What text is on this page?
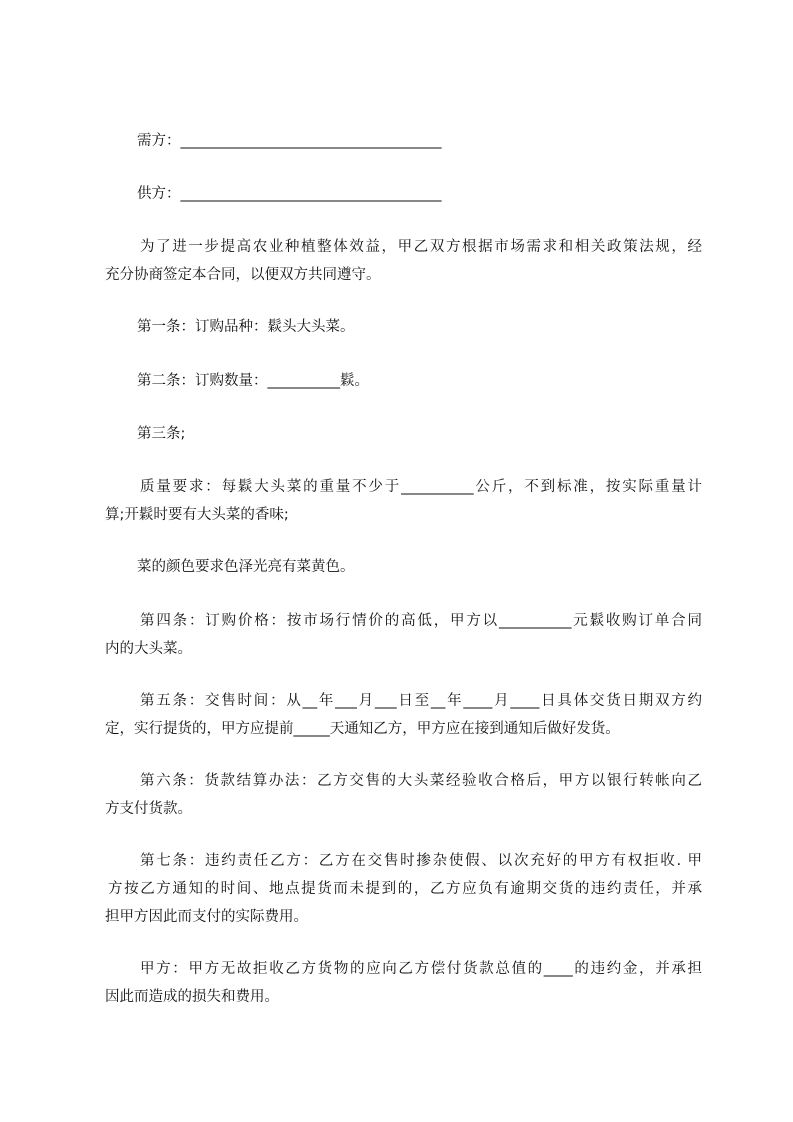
需方：____________________________________
供方：____________________________________
为了进一步提高农业种植整体效益，甲乙双方根据市场需求和相关政策法规，经
充分协商签定本合同，以便双方共同遵守。
第一条：订购品种：鬏头大头菜。
第二条：订购数量：__________鬏。
第三条;
质量要求：每鬏大头菜的重量不少于__________公斤，不到标准，按实际重量计
算;开鬏时要有大头菜的香味;
菜的颜色要求色泽光亮有菜黄色。
第四条：订购价格：按市场行情价的高低，甲方以__________元鬏收购订单合同
内的大头菜。
第五条：交售时间：从__年___月___日至__年____月____日具体交货日期双方约
定，实行提货的，甲方应提前_____天通知乙方，甲方应在接到通知后做好发货。
第六条：货款结算办法：乙方交售的大头菜经验收合格后，甲方以银行转帐向乙
方支付货款。
第七条：违约责任乙方：乙方在交售时掺杂使假、以次充好的甲方有权拒收. 甲
方按乙方通知的时间、地点提货而未提到的，乙方应负有逾期交货的违约责任，并承
担甲方因此而支付的实际费用。
甲方：甲方无故拒收乙方货物的应向乙方偿付货款总值的____的违约金，并承担
因此而造成的损失和费用。
